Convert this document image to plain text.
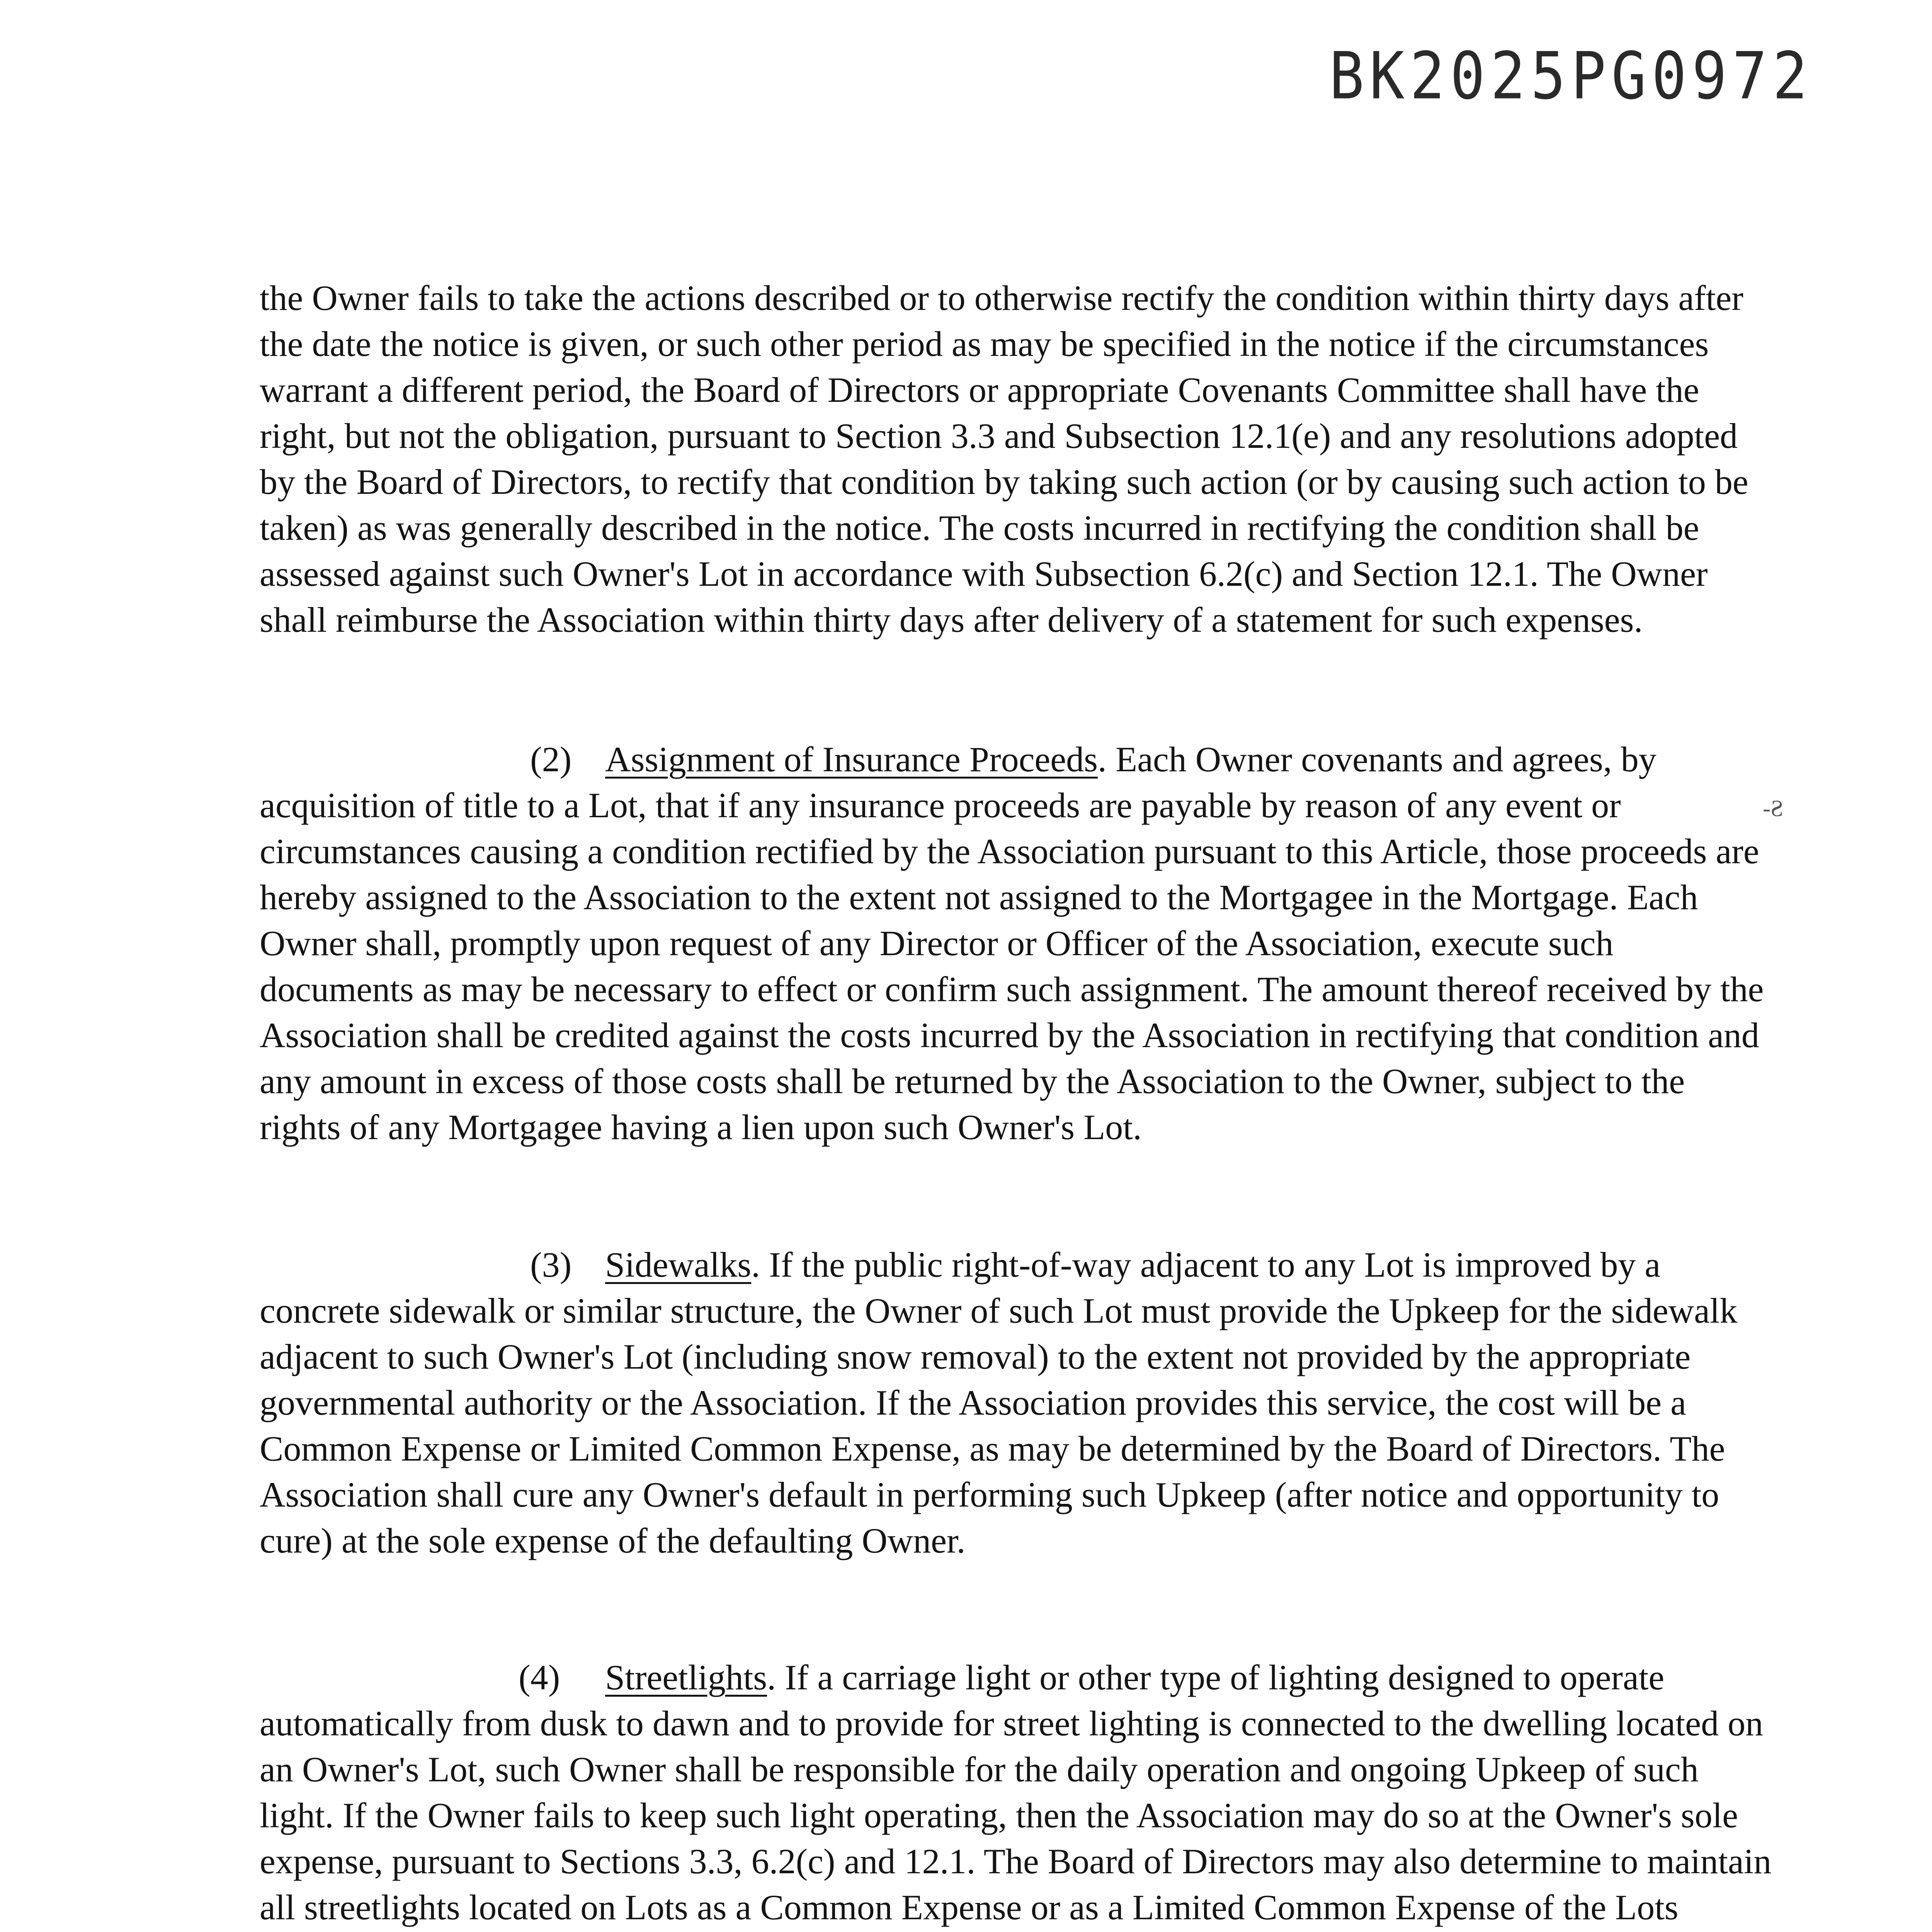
BK2025PG0972

the Owner fails to take the actions described or to otherwise rectify the condition within thirty days after the date the notice is given, or such other period as may be specified in the notice if the circumstances warrant a different period, the Board of Directors or appropriate Covenants Committee shall have the right, but not the obligation, pursuant to Section 3.3 and Subsection 12.1(e) and any resolutions adopted by the Board of Directors, to rectify that condition by taking such action (or by causing such action to be taken) as was generally described in the notice. The costs incurred in rectifying the condition shall be assessed against such Owner's Lot in accordance with Subsection 6.2(c) and Section 12.1. The Owner shall reimburse the Association within thirty days after delivery of a statement for such expenses.

(2) Assignment of Insurance Proceeds. Each Owner covenants and agrees, by acquisition of title to a Lot, that if any insurance proceeds are payable by reason of any event or circumstances causing a condition rectified by the Association pursuant to this Article, those proceeds are hereby assigned to the Association to the extent not assigned to the Mortgagee in the Mortgage. Each Owner shall, promptly upon request of any Director or Officer of the Association, execute such documents as may be necessary to effect or confirm such assignment. The amount thereof received by the Association shall be credited against the costs incurred by the Association in rectifying that condition and any amount in excess of those costs shall be returned by the Association to the Owner, subject to the rights of any Mortgagee having a lien upon such Owner's Lot.

-Ƨ

(3) Sidewalks. If the public right-of-way adjacent to any Lot is improved by a concrete sidewalk or similar structure, the Owner of such Lot must provide the Upkeep for the sidewalk adjacent to such Owner's Lot (including snow removal) to the extent not provided by the appropriate governmental authority or the Association. If the Association provides this service, the cost will be a Common Expense or Limited Common Expense, as may be determined by the Board of Directors. The Association shall cure any Owner's default in performing such Upkeep (after notice and opportunity to cure) at the sole expense of the defaulting Owner.

(4) Streetlights. If a carriage light or other type of lighting designed to operate automatically from dusk to dawn and to provide for street lighting is connected to the dwelling located on an Owner's Lot, such Owner shall be responsible for the daily operation and ongoing Upkeep of such light. If the Owner fails to keep such light operating, then the Association may do so at the Owner's sole expense, pursuant to Sections 3.3, 6.2(c) and 12.1. The Board of Directors may also determine to maintain all streetlights located on Lots as a Common Expense or as a Limited Common Expense of the Lots
